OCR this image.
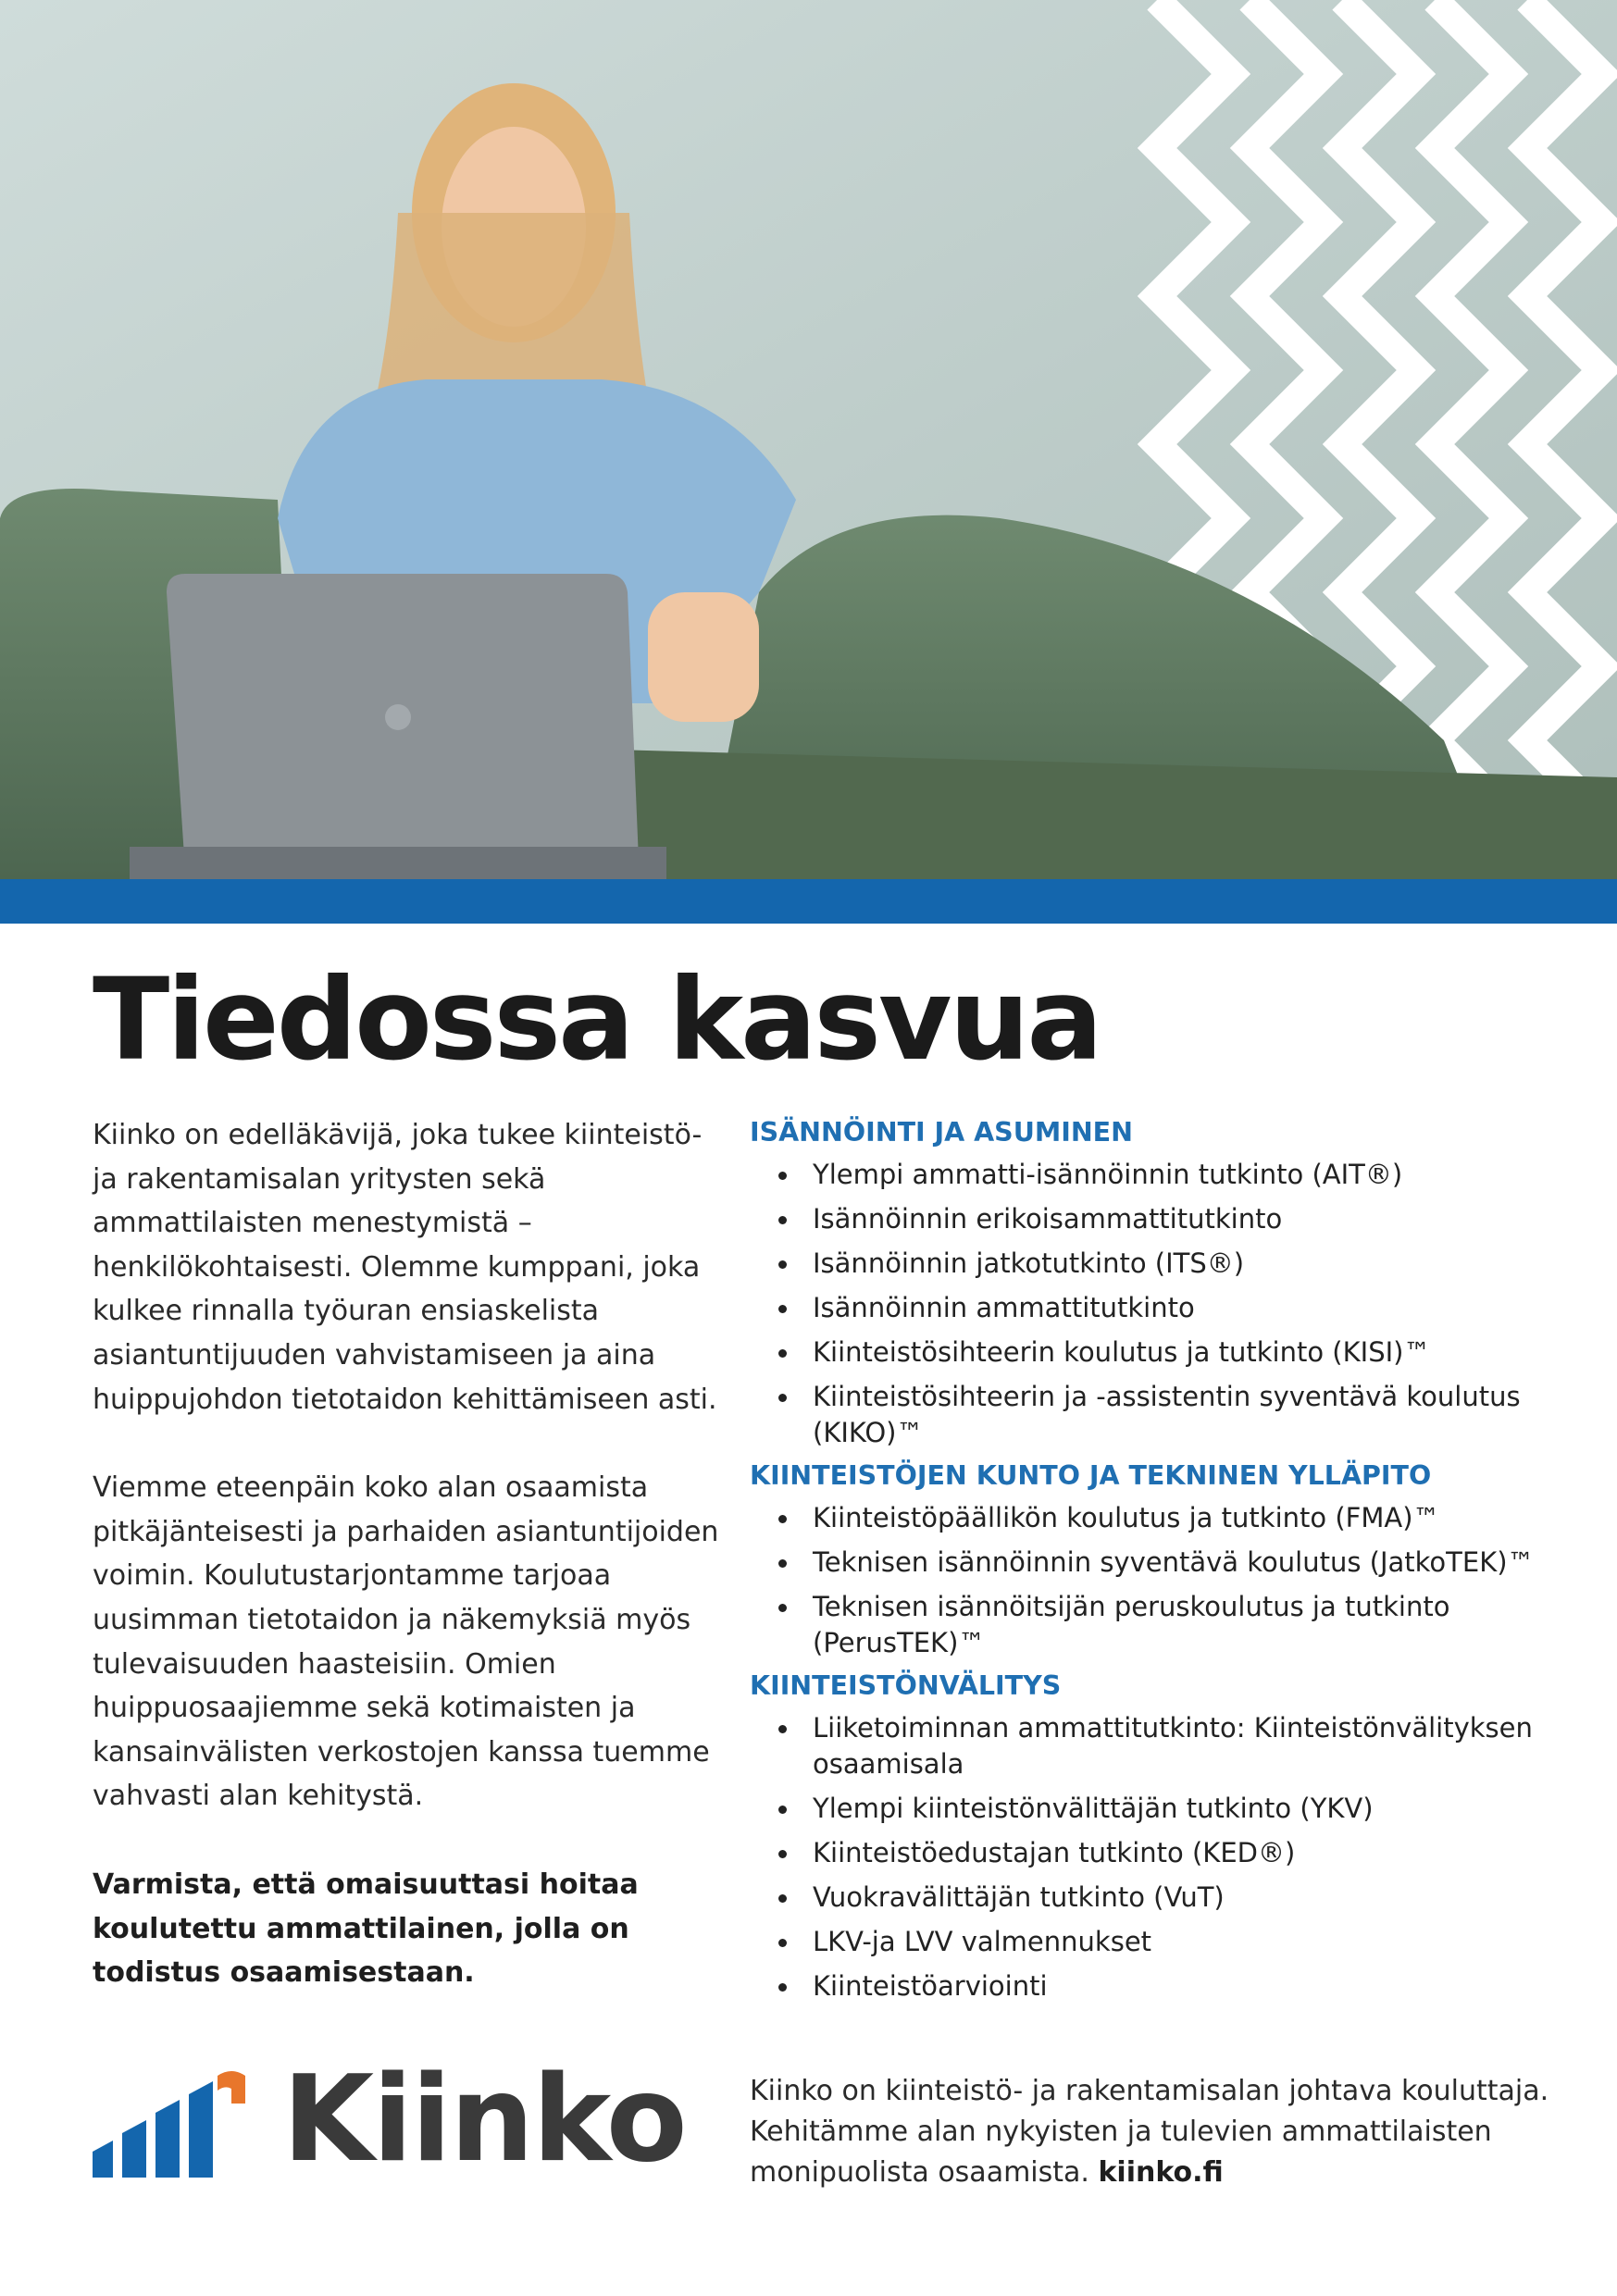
Tiedossa kasvua

Kiinko on edelläkävijä, joka tukee kiinteistö- ja rakentamisalan yritysten sekä ammattilaisten menestymistä – henkilökohtaisesti. Olemme kumppani, joka kulkee rinnalla työuran ensiaskelista asiantuntijuuden vahvistamiseen ja aina huippujohdon tietotaidon kehittämiseen asti.

Viemme eteenpäin koko alan osaamista pitkäjänteisesti ja parhaiden asiantuntijoiden voimin. Koulutustarjontamme tarjoaa uusimman tietotaidon ja näkemyksiä myös tulevaisuuden haasteisiin. Omien huippuosaajiemme sekä kotimaisten ja kansainvälisten verkostojen kanssa tuemme vahvasti alan kehitystä.

Varmista, että omaisuuttasi hoitaa koulutettu ammattilainen, jolla on todistus osaamisestaan.

ISÄNNÖINTI JA ASUMINEN
Ylempi ammatti-isännöinnin tutkinto (AIT®)
Isännöinnin erikoisammattitutkinto
Isännöinnin jatkotutkinto (ITS®)
Isännöinnin ammattitutkinto
Kiinteistösihteerin koulutus ja tutkinto (KISI)™
Kiinteistösihteerin ja -assistentin syventävä koulutus (KIKO)™
KIINTEISTÖJEN KUNTO JA TEKNINEN YLLÄPITO
Kiinteistöpäällikön koulutus ja tutkinto (FMA)™
Teknisen isännöinnin syventävä koulutus (JatkoTEK)™
Teknisen isännöitsijän peruskoulutus ja tutkinto (PerusTEK)™
KIINTEISTÖNVÄLITYS
Liiketoiminnan ammattitutkinto: Kiinteistönvälityksen osaamisala
Ylempi kiinteistönvälittäjän tutkinto (YKV)
Kiinteistöedustajan tutkinto (KED®)
Vuokravälittäjän tutkinto (VuT)
LKV-ja LVV valmennukset
Kiinteistöarviointi
Kiinko Kiinko on kiinteistö- ja rakentamisalan johtava kouluttaja. Kehitämme alan nykyisten ja tulevien ammattilaisten monipuolista osaamista. kiinko.fi
